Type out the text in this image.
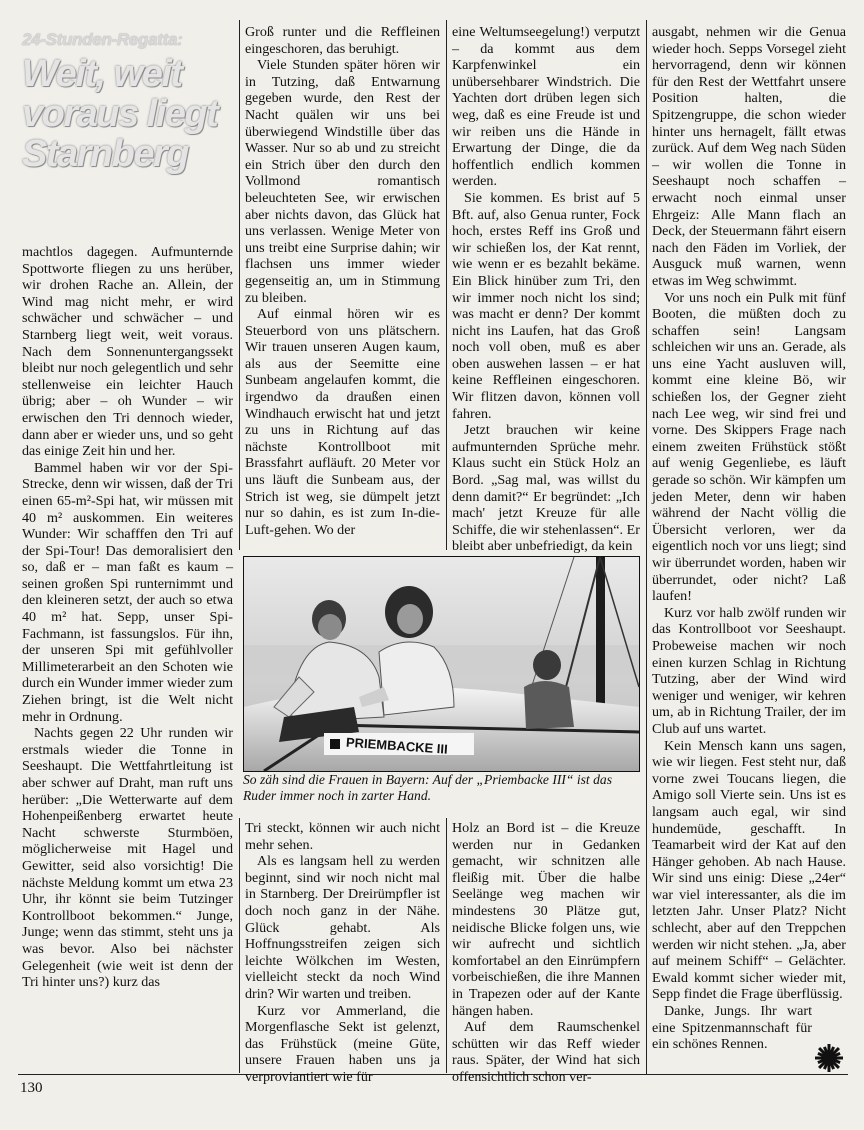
24-Stunden-Regatta:
Weit, weit
voraus liegt
Starnberg

machtlos dagegen. Aufmunternde Spottworte fliegen zu uns herüber, wir drohen Rache an. Allein, der Wind mag nicht mehr, er wird schwächer und schwächer – und Starnberg liegt weit, weit voraus. Nach dem Sonnenuntergangssekt bleibt nur noch gelegentlich und sehr stellenweise ein leichter Hauch übrig; aber – oh Wunder – wir erwischen den Tri dennoch wieder, dann aber er wieder uns, und so geht das einige Zeit hin und her.

Bammel haben wir vor der Spi-Strecke, denn wir wissen, daß der Tri einen 65-m²-Spi hat, wir müssen mit 40 m² auskommen. Ein weiteres Wunder: Wir schafffen den Tri auf der Spi-Tour! Das demoralisiert den so, daß er – man faßt es kaum – seinen großen Spi runternimmt und den kleineren setzt, der auch so etwa 40 m² hat. Sepp, unser Spi-Fachmann, ist fassungslos. Für ihn, der unseren Spi mit gefühlvoller Millimeterarbeit an den Schoten wie durch ein Wunder immer wieder zum Ziehen bringt, ist die Welt nicht mehr in Ordnung.

Nachts gegen 22 Uhr runden wir erstmals wieder die Tonne in Seeshaupt. Die Wettfahrtleitung ist aber schwer auf Draht, man ruft uns herüber: „Die Wetterwarte auf dem Hohenpeißenberg erwartet heute Nacht schwerste Sturmböen, möglicherweise mit Hagel und Gewitter, seid also vorsichtig! Die nächste Meldung kommt um etwa 23 Uhr, ihr könnt sie beim Tutzinger Kontrollboot bekommen.“ Junge, Junge; wenn das stimmt, steht uns ja was bevor. Also bei nächster Gelegenheit (wie weit ist denn der Tri hinter uns?) kurz das

Groß runter und die Reffleinen eingeschoren, das beruhigt.

Viele Stunden später hören wir in Tutzing, daß Entwarnung gegeben wurde, den Rest der Nacht quälen wir uns bei überwiegend Windstille über das Wasser. Nur so ab und zu streicht ein Strich über den durch den Vollmond romantisch beleuchteten See, wir erwischen aber nichts davon, das Glück hat uns verlassen. Wenige Meter von uns treibt eine Surprise dahin; wir flachsen uns immer wieder gegenseitig an, um in Stimmung zu bleiben.

Auf einmal hören wir es Steuerbord von uns plätschern. Wir trauen unseren Augen kaum, als aus der Seemitte eine Sunbeam angelaufen kommt, die irgendwo da draußen einen Windhauch erwischt hat und jetzt zu uns in Richtung auf das nächste Kontrollboot mit Brassfahrt aufläuft. 20 Meter vor uns läuft die Sunbeam aus, der Strich ist weg, sie dümpelt jetzt nur so dahin, es ist zum In-die-Luft-gehen. Wo der

eine Weltumseegelung!) verputzt – da kommt aus dem Karpfenwinkel ein unübersehbarer Windstrich. Die Yachten dort drüben legen sich weg, daß es eine Freude ist und wir reiben uns die Hände in Erwartung der Dinge, die da hoffentlich endlich kommen werden.

Sie kommen. Es brist auf 5 Bft. auf, also Genua runter, Fock hoch, erstes Reff ins Groß und wir schießen los, der Kat rennt, wie wenn er es bezahlt bekäme. Ein Blick hinüber zum Tri, den wir immer noch nicht los sind; was macht er denn? Der kommt nicht ins Laufen, hat das Groß noch voll oben, muß es aber oben auswehen lassen – er hat keine Reffleinen eingeschoren. Wir flitzen davon, können voll fahren.

Jetzt brauchen wir keine aufmunternden Sprüche mehr. Klaus sucht ein Stück Holz an Bord. „Sag mal, was willst du denn damit?“ Er begründet: „Ich mach' jetzt Kreuze für alle Schiffe, die wir stehenlassen“. Er bleibt aber unbefriedigt, da kein

ausgabt, nehmen wir die Genua wieder hoch. Sepps Vorsegel zieht hervorragend, denn wir können für den Rest der Wettfahrt unsere Position halten, die Spitzengruppe, die schon wieder hinter uns hernagelt, fällt etwas zurück. Auf dem Weg nach Süden – wir wollen die Tonne in Seeshaupt noch schaffen – erwacht noch einmal unser Ehrgeiz: Alle Mann flach an Deck, der Steuermann fährt eisern nach den Fäden im Vorliek, der Ausguck muß warnen, wenn etwas im Weg schwimmt.

Vor uns noch ein Pulk mit fünf Booten, die müßten doch zu schaffen sein! Langsam schleichen wir uns an. Gerade, als uns eine Yacht ausluven will, kommt eine kleine Bö, wir schießen los, der Gegner zieht nach Lee weg, wir sind frei und vorne. Des Skippers Frage nach einem zweiten Frühstück stößt auf wenig Gegenliebe, es läuft gerade so schön. Wir kämpfen um jeden Meter, denn wir haben während der Nacht völlig die Übersicht verloren, wer da eigentlich noch vor uns liegt; sind wir überrundet worden, haben wir überrundet, oder nicht? Laß laufen!

Kurz vor halb zwölf runden wir das Kontrollboot vor Seeshaupt. Probeweise machen wir noch einen kurzen Schlag in Richtung Tutzing, aber der Wind wird weniger und weniger, wir kehren um, ab in Richtung Trailer, der im Club auf uns wartet.

Kein Mensch kann uns sagen, wie wir liegen. Fest steht nur, daß vorne zwei Toucans liegen, die Amigo soll Vierte sein. Uns ist es langsam auch egal, wir sind hundemüde, geschafft. In Teamarbeit wird der Kat auf den Hänger gehoben. Ab nach Hause. Wir sind uns einig: Diese „24er“ war viel interessanter, als die im letzten Jahr. Unser Platz? Nicht schlecht, aber auf den Treppchen werden wir nicht stehen. „Ja, aber auf meinem Schiff“ – Gelächter. Ewald kommt sicher wieder mit, Sepp findet die Frage überflüssig.

Danke, Jungs. Ihr wart eine Spitzenmannschaft für ein schönes Rennen.

PRIEMBACKE III
So zäh sind die Frauen in Bayern: Auf der „Priembacke III“ ist das Ruder immer noch in zarter Hand.

Tri steckt, können wir auch nicht mehr sehen.

Als es langsam hell zu werden beginnt, sind wir noch nicht mal in Starnberg. Der Dreirümpfler ist doch noch ganz in der Nähe. Glück gehabt. Als Hoffnungsstreifen zeigen sich leichte Wölkchen im Westen, vielleicht steckt da noch Wind drin? Wir warten und treiben.

Kurz vor Ammerland, die Morgenflasche Sekt ist gelenzt, das Frühstück (meine Güte, unsere Frauen haben uns ja verproviantiert wie für

Holz an Bord ist – die Kreuze werden nur in Gedanken gemacht, wir schnitzen alle fleißig mit. Über die halbe Seelänge weg machen wir mindestens 30 Plätze gut, neidische Blicke folgen uns, wie wir aufrecht und sichtlich komfortabel an den Einrümpfern vorbeischießen, die ihre Mannen in Trapezen oder auf der Kante hängen haben.

Auf dem Raumschenkel schütten wir das Reff wieder raus. Später, der Wind hat sich offensichtlich schon ver-

130
